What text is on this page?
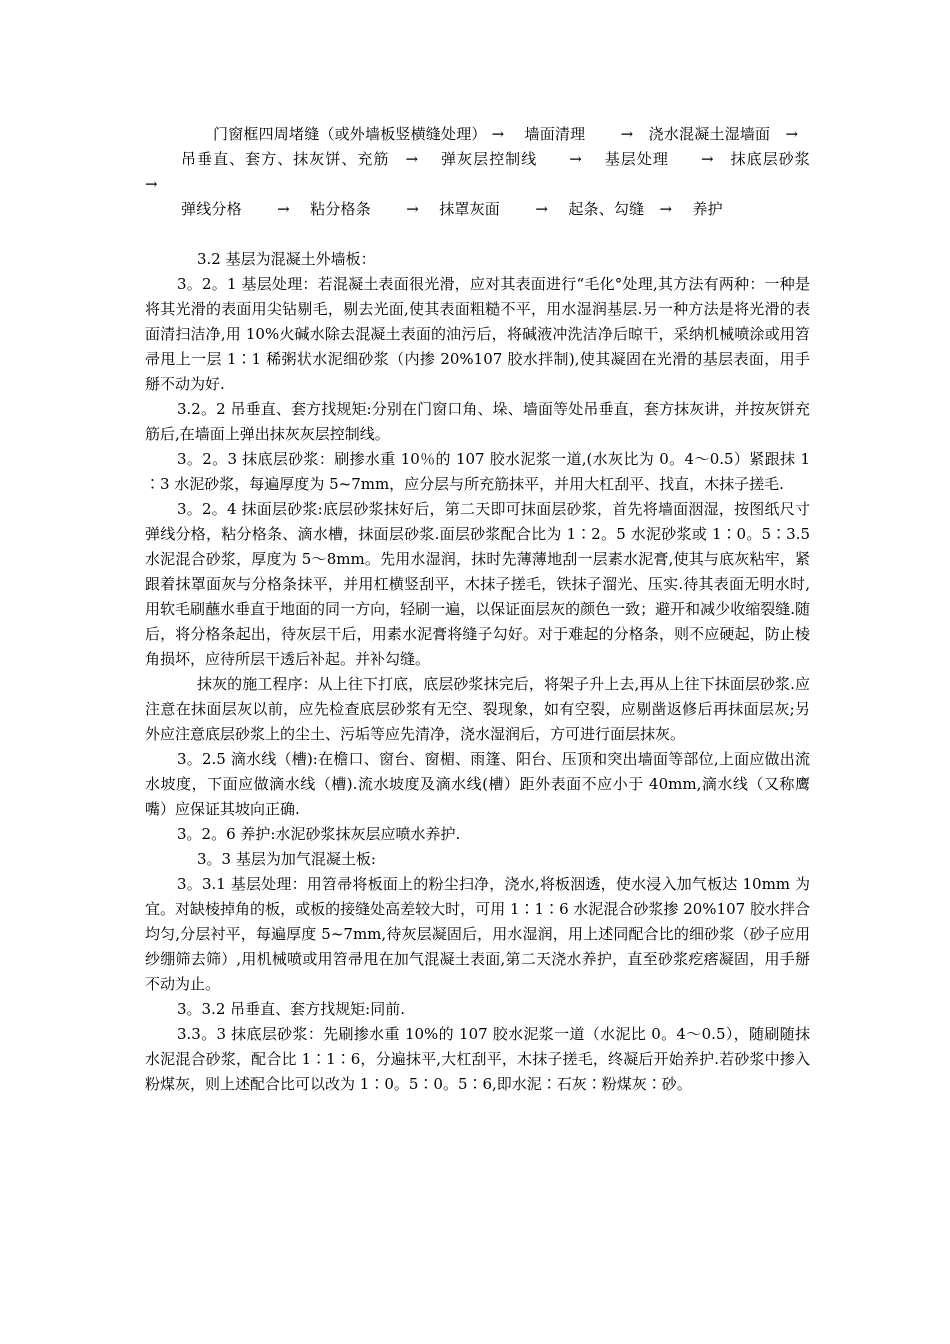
门窗框四周堵缝（或外墙板竖横缝处理） →　 墙面清理　　 →　浇水混凝土湿墙面　→

吊垂直、套方、抹灰饼、充筋　→　 弹灰层控制线　　→　 基层处理　　→　抹底层砂浆　　→

弹线分格　　 →　 粘分格条　　 →　 抹罩灰面　　 →　 起条、勾缝　→　 养护

3.2 基层为混凝土外墙板：

3。2。1 基层处理：若混凝土表面很光滑，应对其表面进行“毛化°处理,其方法有两种：一种是将其光滑的表面用尖钻剔毛，剔去光面,使其表面粗糙不平，用水湿润基层.另一种方法是将光滑的表面清扫洁净,用 10%火碱水除去混凝土表面的油污后，将碱液冲洗洁净后晾干，采纳机械喷涂或用笤帚甩上一层 1∶1 稀粥状水泥细砂浆（内掺 20%107 胶水拌制),使其凝固在光滑的基层表面，用手掰不动为好.

3.2。2 吊垂直、套方找规矩:分别在门窗口角、垛、墙面等处吊垂直，套方抹灰讲，并按灰饼充筋后,在墙面上弹出抹灰灰层控制线。

3。2。3 抹底层砂浆：刷掺水重 10％的 107 胶水泥浆一道,(水灰比为 0。4～0.5）紧跟抹 1∶3 水泥砂浆，每遍厚度为 5~7mm，应分层与所充筋抹平，并用大杠刮平、找直，木抹子搓毛.

3。2。4 抹面层砂浆:底层砂浆抹好后，第二天即可抹面层砂浆，首先将墙面洇湿，按图纸尺寸弹线分格，粘分格条、滴水槽，抹面层砂浆.面层砂浆配合比为 1∶2。5 水泥砂浆或 1∶0。5∶3.5 水泥混合砂浆，厚度为 5～8mm。先用水湿润，抹时先薄薄地刮一层素水泥膏,使其与底灰粘牢，紧跟着抹罩面灰与分格条抹平，并用杠横竖刮平，木抹子搓毛，铁抹子溜光、压实.待其表面无明水时,用软毛刷蘸水垂直于地面的同一方向，轻刷一遍，以保证面层灰的颜色一致；避开和减少收缩裂缝.随后，将分格条起出，待灰层干后，用素水泥膏将缝子勾好。对于难起的分格条，则不应硬起，防止棱角损坏，应待所层干透后补起。并补勾缝。

抹灰的施工程序：从上往下打底，底层砂浆抹完后，将架子升上去,再从上往下抹面层砂浆.应注意在抹面层灰以前，应先检查底层砂浆有无空、裂现象，如有空裂，应剔凿返修后再抹面层灰;另外应注意底层砂浆上的尘土、污垢等应先清净，浇水湿润后，方可进行面层抹灰。

3。2.5 滴水线（槽):在檐口、窗台、窗楣、雨篷、阳台、压顶和突出墙面等部位,上面应做出流水坡度，下面应做滴水线（槽).流水坡度及滴水线(槽）距外表面不应小于 40mm,滴水线（又称鹰嘴）应保证其坡向正确.

3。2。6 养护:水泥砂浆抹灰层应喷水养护.

3。3 基层为加气混凝土板:

3。3.1 基层处理：用笤帚将板面上的粉尘扫净，浇水,将板洇透，使水浸入加气板达 10mm 为宜。对缺棱掉角的板，或板的接缝处高差较大时，可用 1∶1∶6 水泥混合砂浆掺 20%107 胶水拌合均匀,分层衬平，每遍厚度 5~7mm,待灰层凝固后，用水湿润，用上述同配合比的细砂浆（砂子应用纱绷筛去筛）,用机械喷或用笤帚甩在加气混凝土表面,第二天浇水养护，直至砂浆疙瘩凝固，用手掰不动为止。

3。3.2 吊垂直、套方找规矩:同前.

3.3。3 抹底层砂浆：先刷掺水重 10%的 107 胶水泥浆一道（水泥比 0。4～0.5），随刷随抹水泥混合砂浆，配合比 1∶1∶6，分遍抹平,大杠刮平，木抹子搓毛，终凝后开始养护.若砂浆中掺入粉煤灰，则上述配合比可以改为 1∶0。5∶0。5∶6,即水泥∶石灰∶粉煤灰∶砂。
